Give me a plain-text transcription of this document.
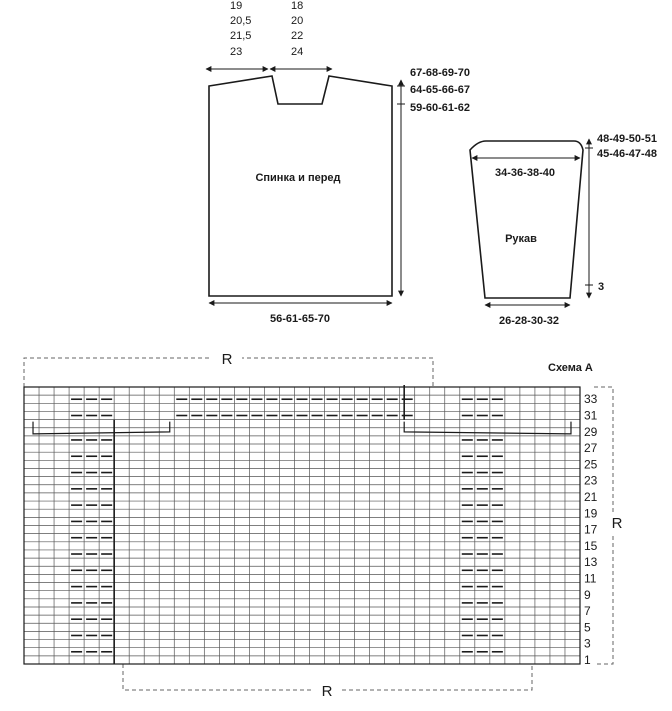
19
20,5
21,5
23
18
20
22
24
Спинка и перед
67-68-69-70
64-65-66-67
59-60-61-62
56-61-65-70
34-36-38-40
Рукав
48-49-50-51
45-46-47-48
3
26-28-30-32
Схема А
R
R
R
33
31
29
27
25
23
21
19
17
15
13
11
9
7
5
3
1
